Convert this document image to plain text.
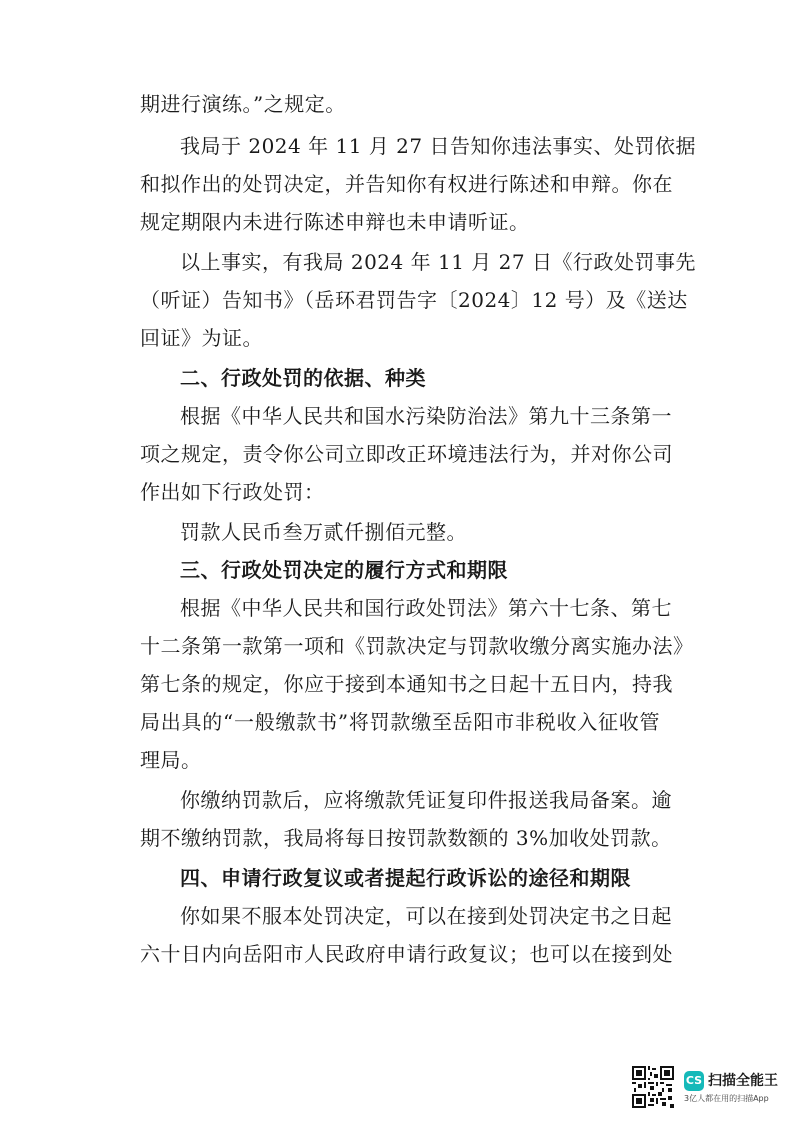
期进行演练。”之规定。
我局于 2024 年 11 月 27 日告知你违法事实、处罚依据
和拟作出的处罚决定，并告知你有权进行陈述和申辩。你在
规定期限内未进行陈述申辩也未申请听证。
以上事实，有我局 2024 年 11 月 27 日《行政处罚事先
（听证）告知书》（岳环君罚告字〔2024〕12 号）及《送达
回证》为证。
二、行政处罚的依据、种类
根据《中华人民共和国水污染防治法》第九十三条第一
项之规定，责令你公司立即改正环境违法行为，并对你公司
作出如下行政处罚：
罚款人民币叁万贰仟捌佰元整。
三、行政处罚决定的履行方式和期限
根据《中华人民共和国行政处罚法》第六十七条、第七
十二条第一款第一项和《罚款决定与罚款收缴分离实施办法》
第七条的规定，你应于接到本通知书之日起十五日内，持我
局出具的“一般缴款书”将罚款缴至岳阳市非税收入征收管
理局。
你缴纳罚款后，应将缴款凭证复印件报送我局备案。逾
期不缴纳罚款，我局将每日按罚款数额的 3%加收处罚款。
四、申请行政复议或者提起行政诉讼的途径和期限
你如果不服本处罚决定，可以在接到处罚决定书之日起
六十日内向岳阳市人民政府申请行政复议；也可以在接到处
CS 扫描全能王
3亿人都在用的扫描App
